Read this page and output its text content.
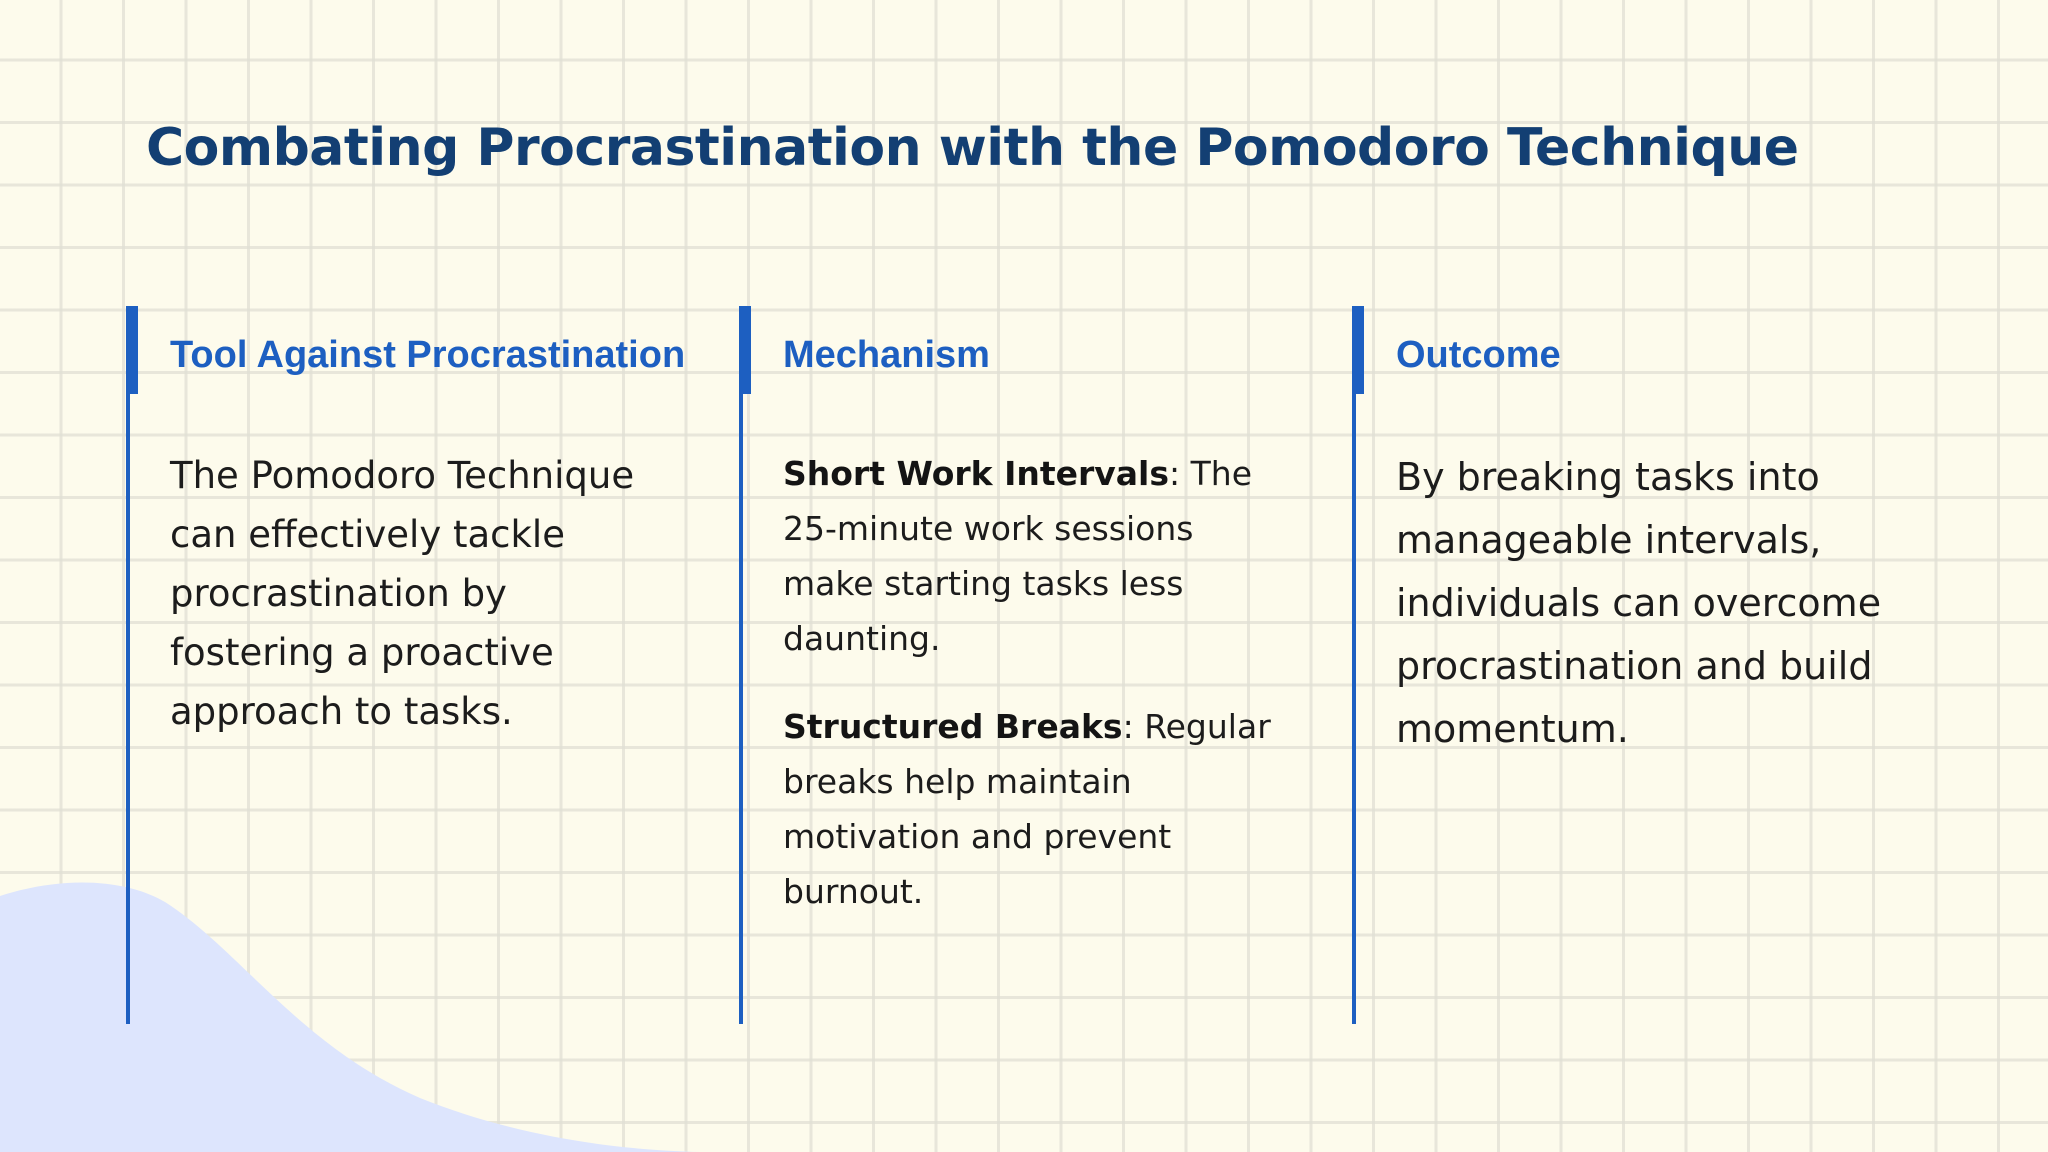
Combating Procrastination with the Pomodoro Technique
Tool Against Procrastination

The Pomodoro Technique can effectively tackle procrastination by fostering a proactive approach to tasks.

Mechanism

Short Work Intervals: The 25-minute work sessions make starting tasks less daunting.

Structured Breaks: Regular breaks help maintain motivation and prevent burnout.

Outcome

By breaking tasks into manageable intervals, individuals can overcome procrastination and build momentum.
